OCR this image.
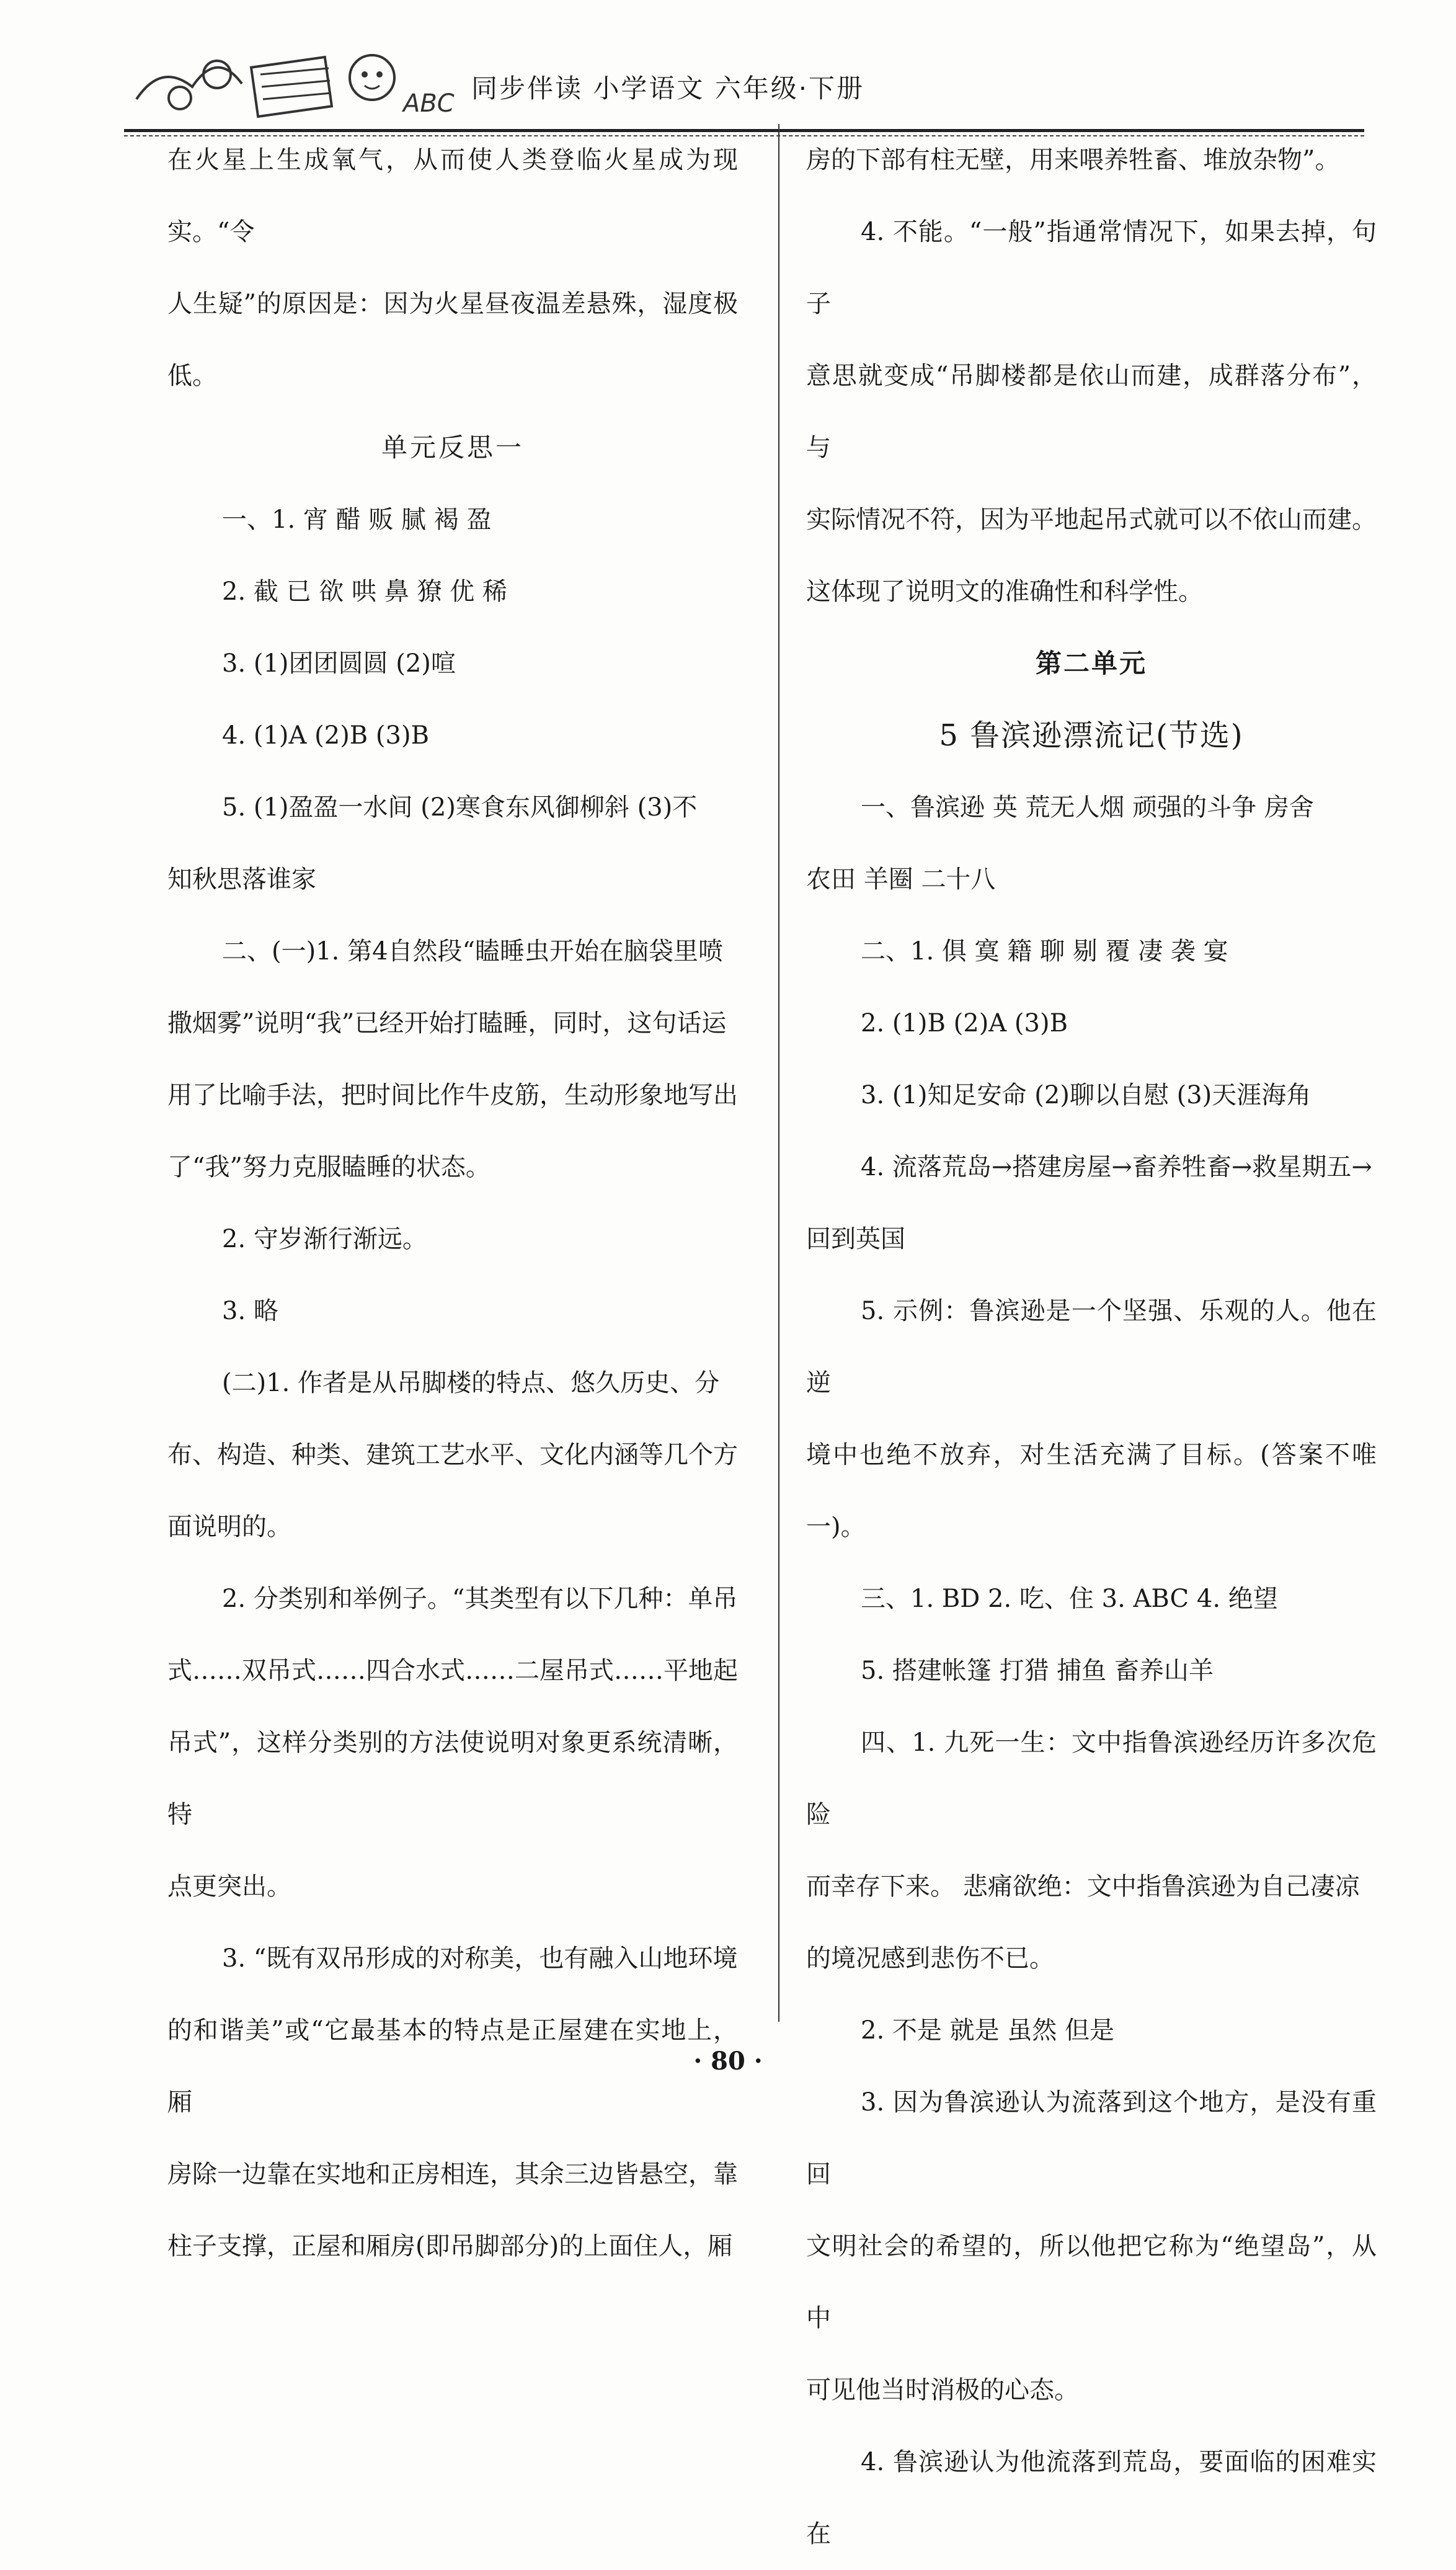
ABC 同步伴读 小学语文 六年级·下册

在火星上生成氧气，从而使人类登临火星成为现实。“令

人生疑”的原因是：因为火星昼夜温差悬殊，湿度极低。

单元反思一

一、1. 宵 醋 贩 腻 褐 盈

2. 截 已 欲 哄 鼻 獠 优 稀

3. (1)团团圆圆 (2)喧

4. (1)A (2)B (3)B

5. (1)盈盈一水间 (2)寒食东风御柳斜 (3)不

知秋思落谁家

二、(一)1. 第4自然段“瞌睡虫开始在脑袋里喷

撒烟雾”说明“我”已经开始打瞌睡，同时，这句话运

用了比喻手法，把时间比作牛皮筋，生动形象地写出

了“我”努力克服瞌睡的状态。

2. 守岁渐行渐远。

3. 略

(二)1. 作者是从吊脚楼的特点、悠久历史、分

布、构造、种类、建筑工艺水平、文化内涵等几个方

面说明的。

2. 分类别和举例子。“其类型有以下几种：单吊

式……双吊式……四合水式……二屋吊式……平地起

吊式”，这样分类别的方法使说明对象更系统清晰，特

点更突出。

3. “既有双吊形成的对称美，也有融入山地环境

的和谐美”或“它最基本的特点是正屋建在实地上，厢

房除一边靠在实地和正房相连，其余三边皆悬空，靠

柱子支撑，正屋和厢房(即吊脚部分)的上面住人，厢

房的下部有柱无壁，用来喂养牲畜、堆放杂物”。

4. 不能。“一般”指通常情况下，如果去掉，句子

意思就变成“吊脚楼都是依山而建，成群落分布”，与

实际情况不符，因为平地起吊式就可以不依山而建。

这体现了说明文的准确性和科学性。

第二单元

5 鲁滨逊漂流记(节选)

一、鲁滨逊 英 荒无人烟 顽强的斗争 房舍

农田 羊圈 二十八

二、1. 俱 寞 籍 聊 剔 覆 凄 袭 宴

2. (1)B (2)A (3)B

3. (1)知足安命 (2)聊以自慰 (3)天涯海角

4. 流落荒岛→搭建房屋→畜养牲畜→救星期五→

回到英国

5. 示例：鲁滨逊是一个坚强、乐观的人。他在逆

境中也绝不放弃，对生活充满了目标。(答案不唯一)。

三、1. BD 2. 吃、住 3. ABC 4. 绝望

5. 搭建帐篷 打猎 捕鱼 畜养山羊

四、1. 九死一生：文中指鲁滨逊经历许多次危险

而幸存下来。 悲痛欲绝：文中指鲁滨逊为自己凄凉

的境况感到悲伤不已。

2. 不是 就是 虽然 但是

3. 因为鲁滨逊认为流落到这个地方，是没有重回

文明社会的希望的，所以他把它称为“绝望岛”，从中

可见他当时消极的心态。

4. 鲁滨逊认为他流落到荒岛，要面临的困难实在

· 80 ·
